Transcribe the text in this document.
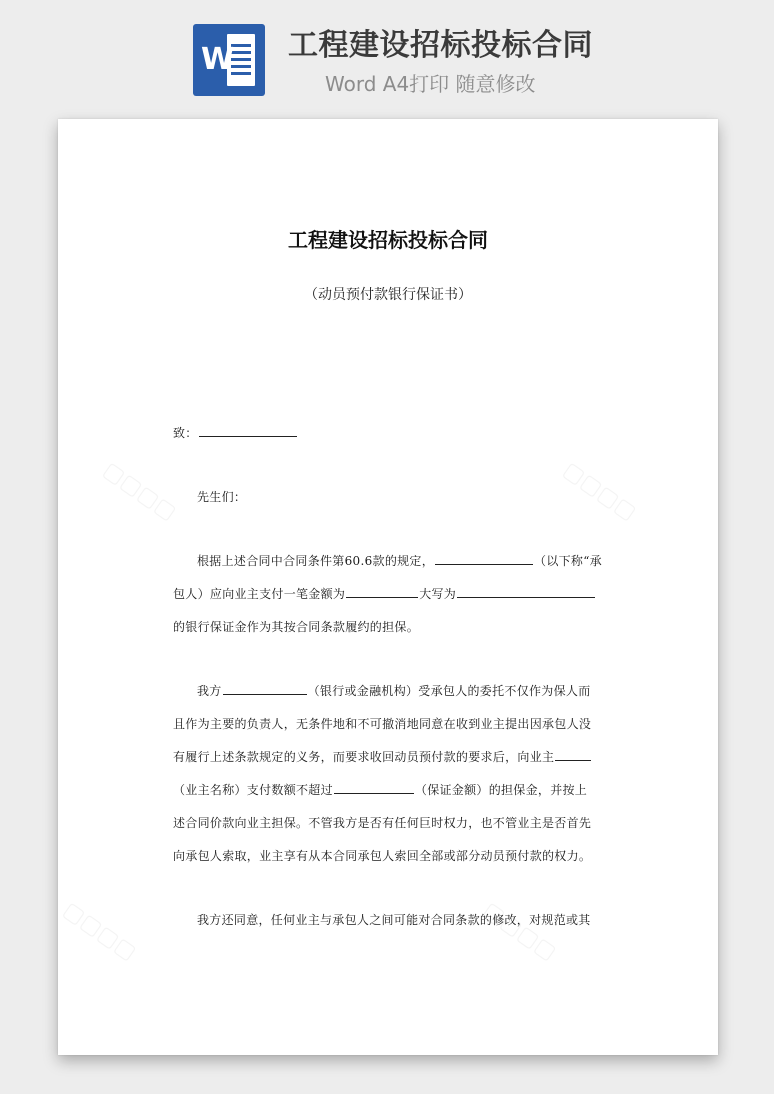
W 工程建设招标投标合同
Word A4打印 随意修改
工程建设招标投标合同
（动员预付款银行保证书）
致：
先生们：
根据上述合同中合同条件第60.6款的规定，	（以下称“承
包人）应向业主支付一笔金额为	大写为
的银行保证金作为其按合同条款履约的担保。
我方	（银行或金融机构）受承包人的委托不仅作为保人而
且作为主要的负责人，无条件地和不可撤消地同意在收到业主提出因承包人没
有履行上述条款规定的义务，而要求收回动员预付款的要求后，向业主
（业主名称）支付数额不超过	（保证金额）的担保金，并按上
述合同价款向业主担保。不管我方是否有任何巨时权力，也不管业主是否首先
向承包人索取，业主享有从本合同承包人索回全部或部分动员预付款的权力。
我方还同意，任何业主与承包人之间可能对合同条款的修改，对规范或其
